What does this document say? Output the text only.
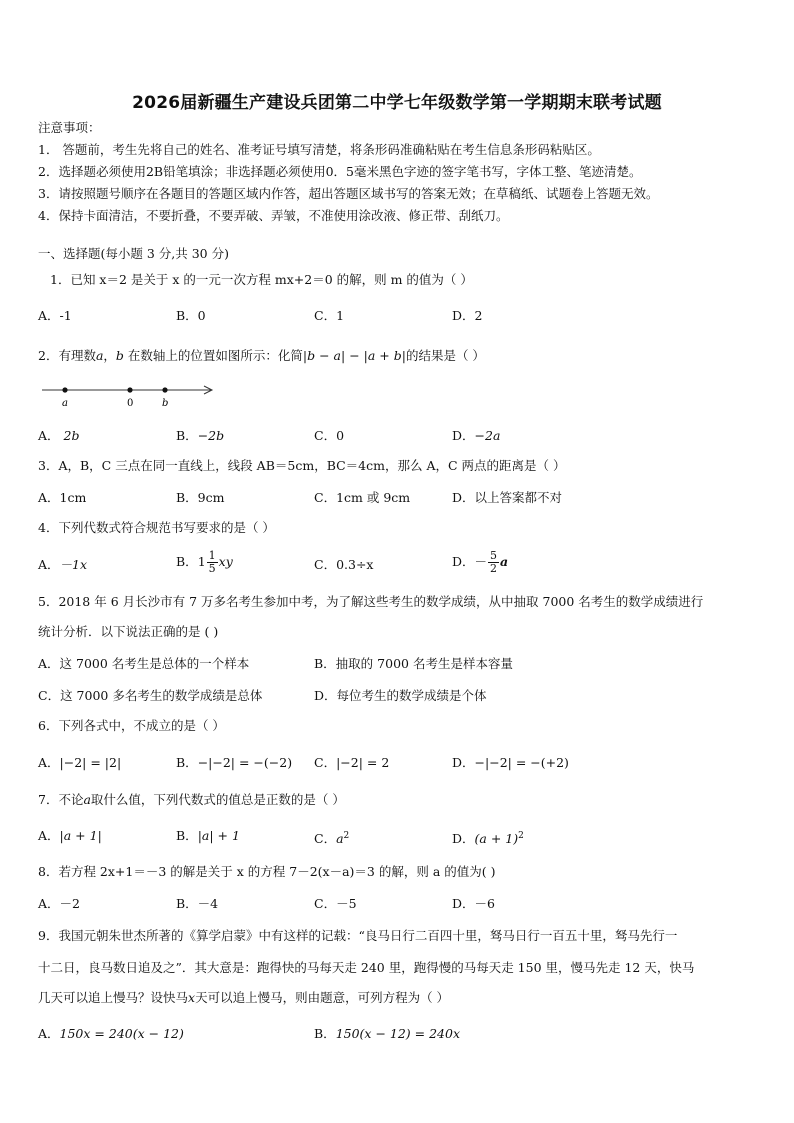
2026届新疆生产建设兵团第二中学七年级数学第一学期期末联考试题
注意事项：
1． 答题前，考生先将自己的姓名、准考证号填写清楚，将条形码准确粘贴在考生信息条形码粘贴区。
2．选择题必须使用2B铅笔填涂；非选择题必须使用0．5毫米黑色字迹的签字笔书写，字体工整、笔迹清楚。
3．请按照题号顺序在各题目的答题区域内作答，超出答题区域书写的答案无效；在草稿纸、试题卷上答题无效。
4．保持卡面清洁，不要折叠，不要弄破、弄皱，不准使用涂改液、修正带、刮纸刀。
一、选择题(每小题 3 分,共 30 分)
1．已知 x＝2 是关于 x 的一元一次方程 mx+2＝0 的解，则 m 的值为（ ）
A．-1	B．0	C．1	D．2
2．有理数a，b 在数轴上的位置如图所示：化简|b − a| − |a + b|的结果是（ ）
a	0	b
A． 2b	B．−2b	C．0	D．−2a
3．A，B，C 三点在同一直线上，线段 AB＝5cm，BC＝4cm，那么 A，C 两点的距离是（ ）
A．1cm	B．9cm	C．1cm 或 9cm	D．以上答案都不对
4．下列代数式符合规范书写要求的是（ ）
A．－1x	B．$1 \frac{1}{5}$ xy	C．0.3÷x	D．－ $\frac{5}{2}$ a
5．2018 年 6 月长沙市有 7 万多名考生参加中考，为了解这些考生的数学成绩，从中抽取 7000 名考生的数学成绩进行
统计分析．以下说法正确的是 ( )
A．这 7000 名考生是总体的一个样本	B．抽取的 7000 名考生是样本容量
C．这 7000 多名考生的数学成绩是总体	D．每位考生的数学成绩是个体
6．下列各式中，不成立的是（ ）
A．|−2| = |2|	B．−|−2| = −(−2) C．|−2| = 2	D．−|−2| = −(+2)
7．不论a取什么值，下列代数式的值总是正数的是（ ）
A．|a + 1|	B．|a| + 1	C．$a^2$	D．$(a + 1)^2$
8．若方程 2x+1＝－3 的解是关于 x 的方程 7－2(x－a)＝3 的解，则 a 的值为( )
A．－2	B．－4	C．－5	D．－6
9．我国元朝朱世杰所著的《算学启蒙》中有这样的记载：“良马日行二百四十里，驽马日行一百五十里，驽马先行一
十二日，良马数日追及之”．其大意是：跑得快的马每天走 240 里，跑得慢的马每天走 150 里，慢马先走 12 天，快马
几天可以追上慢马？设快马x天可以追上慢马，则由题意，可列方程为（ ）
A．150x = 240(x − 12)	B．150(x − 12) = 240x
